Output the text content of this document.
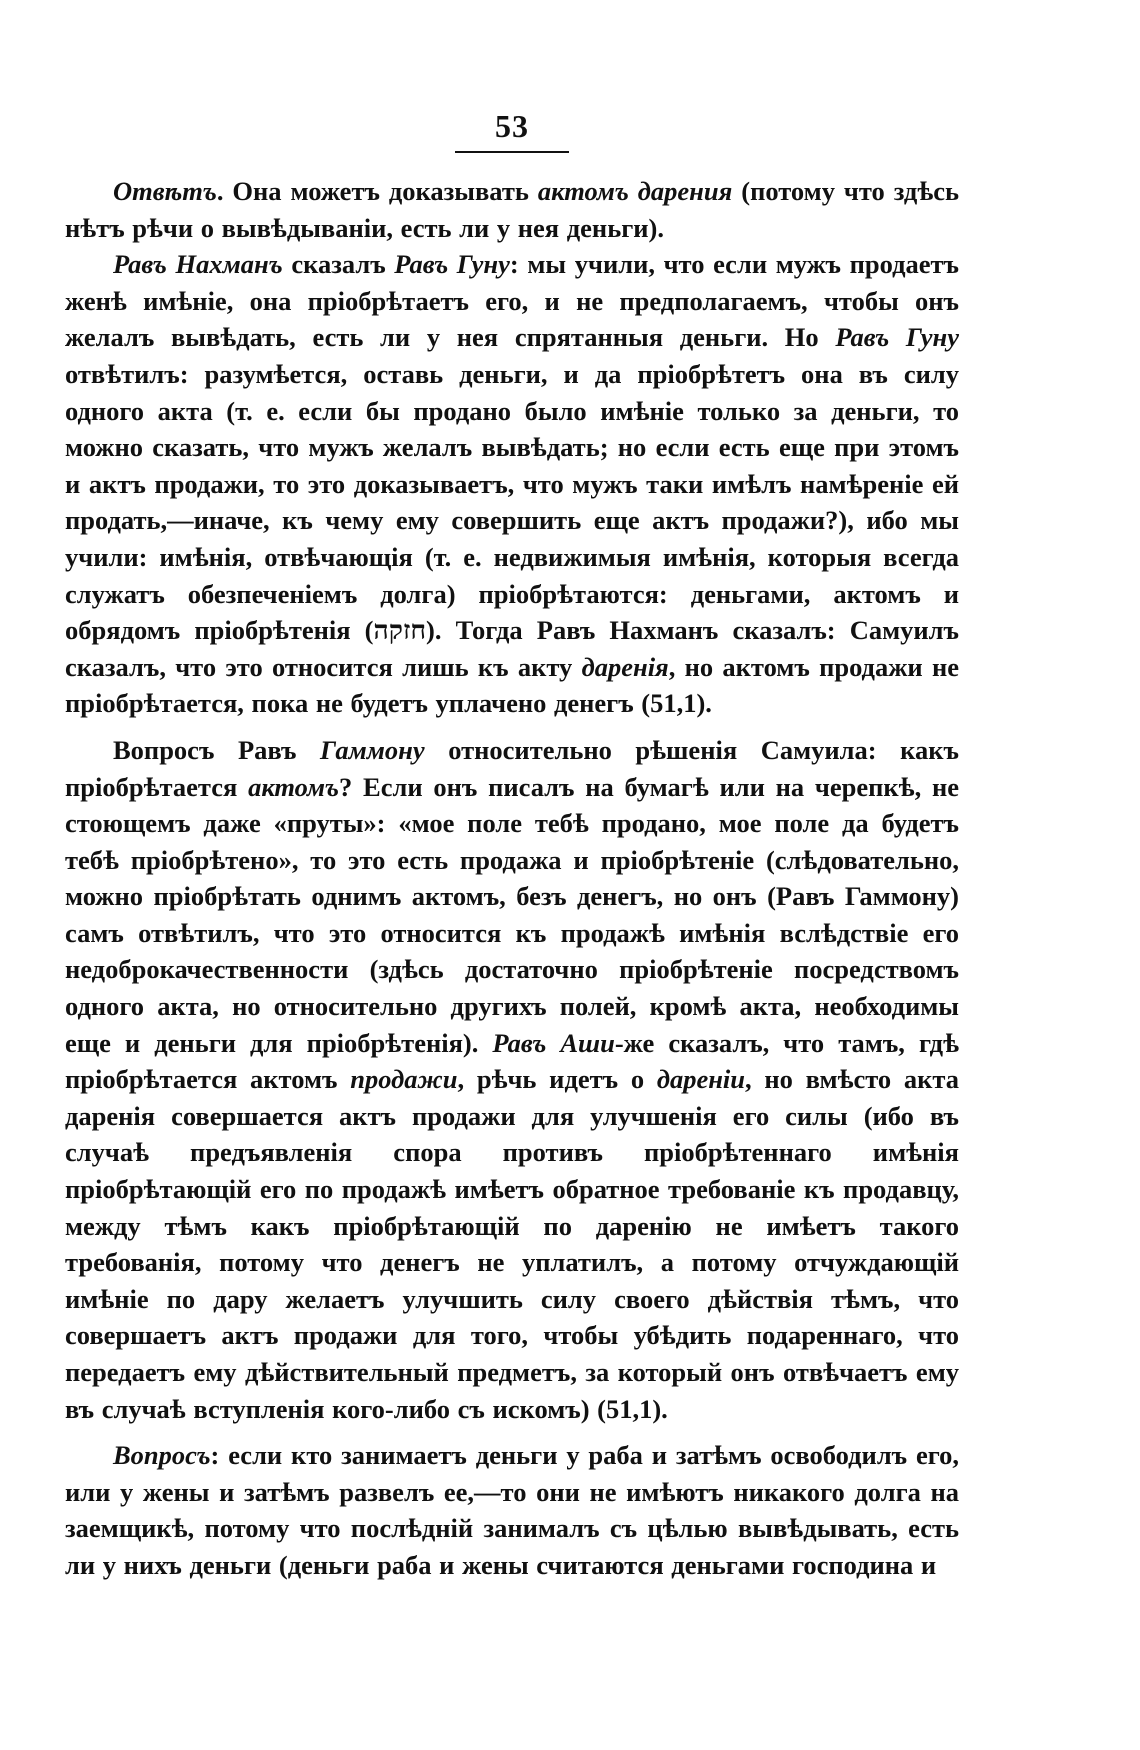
53

Отвѣтъ. Она можетъ доказывать актомъ дарения (потому что здѣсь нѣтъ рѣчи о вывѣдываніи, есть ли у нея деньги).

Равъ Нахманъ сказалъ Равъ Гуну: мы учили, что если мужъ продаетъ женѣ имѣніе, она пріобрѣтаетъ его, и не предполагаемъ, чтобы онъ желалъ вывѣдать, есть ли у нея спрятанныя деньги. Но Равъ Гуну отвѣтилъ: разумѣется, оставь деньги, и да пріобрѣтетъ она въ силу одного акта (т. е. если бы продано было имѣніе только за деньги, то можно сказать, что мужъ желалъ вывѣдать; но если есть еще при этомъ и актъ продажи, то это доказываетъ, что мужъ таки имѣлъ намѣреніе ей продать,—иначе, къ чему ему совершить еще актъ продажи?), ибо мы учили: имѣнія, отвѣчающія (т. е. недвижимыя имѣнія, которыя всегда служатъ обезпеченіемъ долга) пріобрѣтаются: деньгами, актомъ и обрядомъ пріобрѣтенія (חזקה). Тогда Равъ Нахманъ сказалъ: Самуилъ сказалъ, что это относится лишь къ акту даренія, но актомъ продажи не пріобрѣтается, пока не будетъ уплачено денегъ (51,1).

Вопросъ Равъ Гаммону относительно рѣшенія Самуила: какъ пріобрѣтается актомъ? Если онъ писалъ на бумагѣ или на черепкѣ, не стоющемъ даже «пруты»: «мое поле тебѣ продано, мое поле да будетъ тебѣ пріобрѣтено», то это есть продажа и пріобрѣтеніе (слѣдовательно, можно пріобрѣтать однимъ актомъ, безъ денегъ, но онъ (Равъ Гаммону) самъ отвѣтилъ, что это относится къ продажѣ имѣнія вслѣдствіе его недоброкачественности (здѣсь достаточно пріобрѣтеніе посредствомъ одного акта, но относительно другихъ полей, кромѣ акта, необходимы еще и деньги для пріобрѣтенія). Равъ Аши-же сказалъ, что тамъ, гдѣ пріобрѣтается актомъ продажи, рѣчь идетъ о дареніи, но вмѣсто акта даренія совершается актъ продажи для улучшенія его силы (ибо въ случаѣ предъявленія спора противъ пріобрѣтеннаго имѣнія пріобрѣтающій его по продажѣ имѣетъ обратное требованіе къ продавцу, между тѣмъ какъ пріобрѣтающій по даренію не имѣетъ такого требованія, потому что денегъ не уплатилъ, а потому отчуждающій имѣніе по дару желаетъ улучшить силу своего дѣйствія тѣмъ, что совершаетъ актъ продажи для того, чтобы убѣдить подареннаго, что передаетъ ему дѣйствительный предметъ, за который онъ отвѣчаетъ ему въ случаѣ вступленія кого-либо съ искомъ) (51,1).

Вопросъ: если кто занимаетъ деньги у раба и затѣмъ освободилъ его, или у жены и затѣмъ развелъ ее,—то они не имѣютъ никакого долга на заемщикѣ, потому что послѣдній занималъ съ цѣлью вывѣдывать, есть ли у нихъ деньги (деньги раба и жены считаются деньгами господина и
